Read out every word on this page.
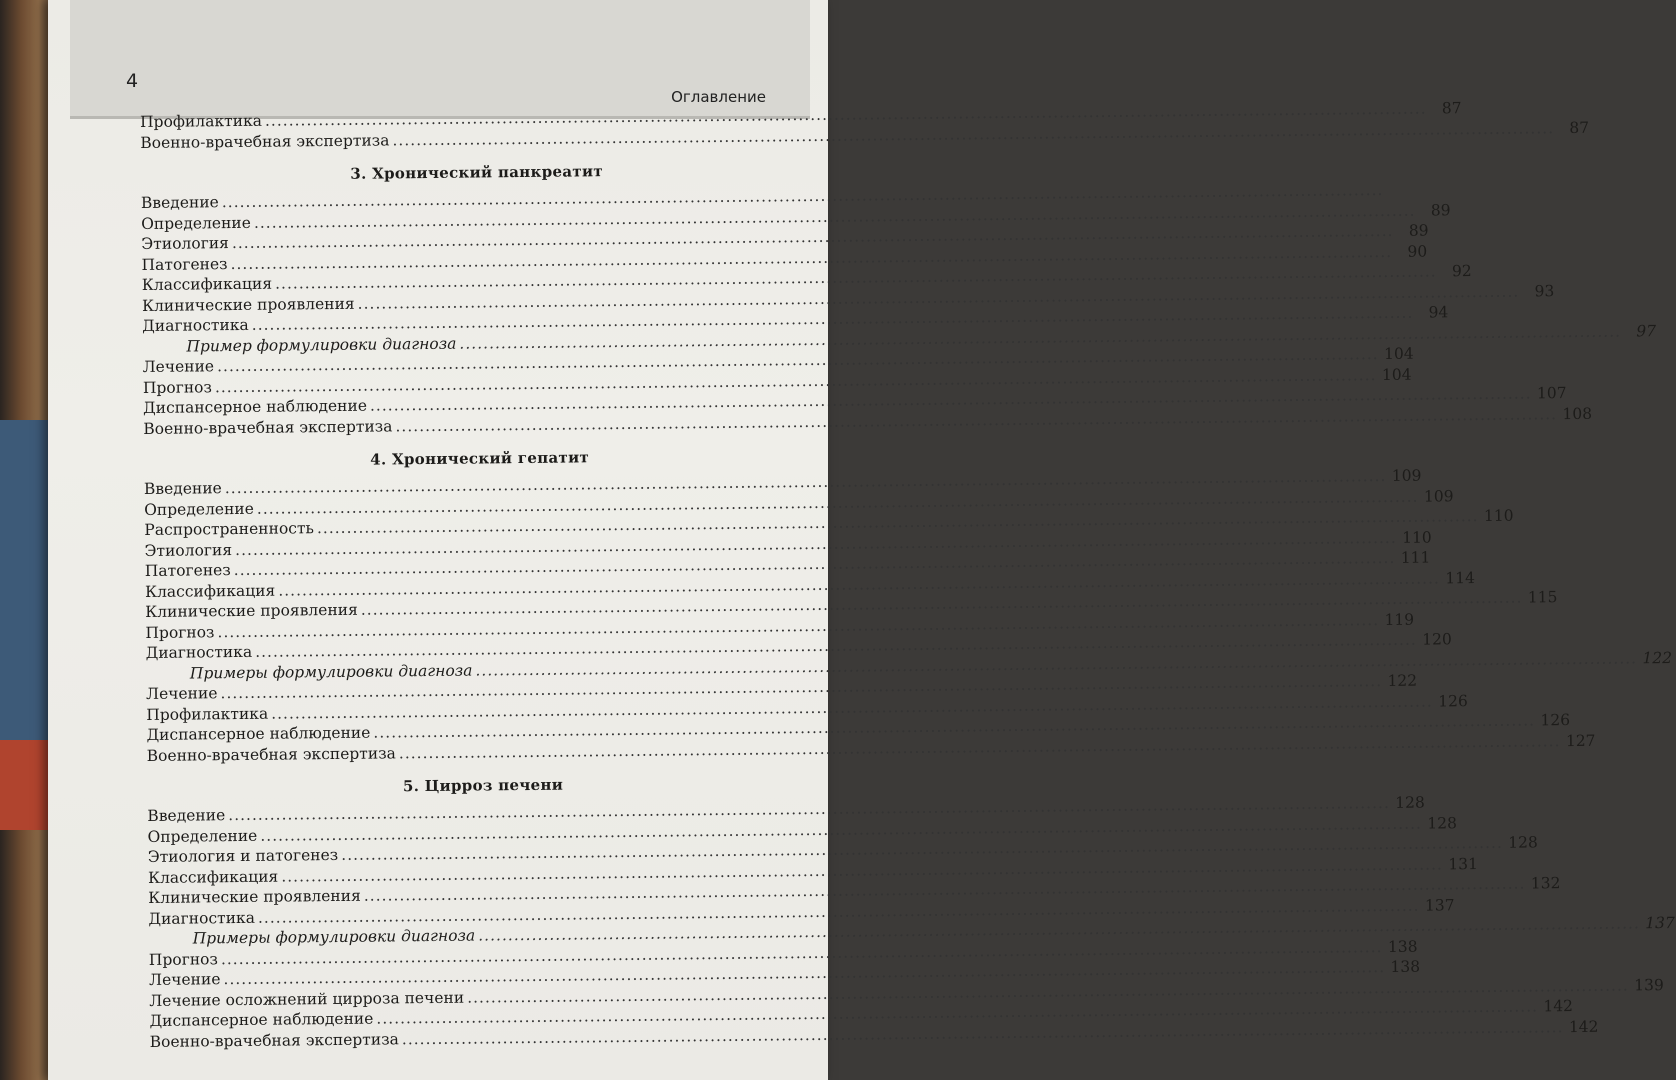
4
Оглавление
Профилактика
.....
87
Военно-врачебная экспертиза
.....
87
3. Хронический панкреатит
Введение
.....
Определение
.....
89
Этиология
.....
89
Патогенез
.....
90
Классификация
.....
92
Клинические проявления
.....
93
Диагностика
.....
94
Пример формулировки диагноза
.....
97
Лечение
.....
104
Прогноз
.....
104
Диспансерное наблюдение
.....
107
Военно-врачебная экспертиза
.....
108
4. Хронический гепатит
Введение
.....
109
Определение
.....
109
Распространенность
.....
110
Этиология
.....
110
Патогенез
.....
111
Классификация
.....
114
Клинические проявления
.....
115
Прогноз
.....
119
Диагностика
.....
120
Примеры формулировки диагноза
.....
122
Лечение
.....
122
Профилактика
.....
126
Диспансерное наблюдение
.....
126
Военно-врачебная экспертиза
.....
127
5. Цирроз печени
Введение
.....
128
Определение
.....
128
Этиология и патогенез
.....
128
Классификация
.....
131
Клинические проявления
.....
132
Диагностика
.....
137
Примеры формулировки диагноза
.....
137
Прогноз
.....
138
Лечение
.....
138
Лечение осложнений цирроза печени
.....
139
Диспансерное наблюдение
.....
142
Военно-врачебная экспертиза
.....
142
